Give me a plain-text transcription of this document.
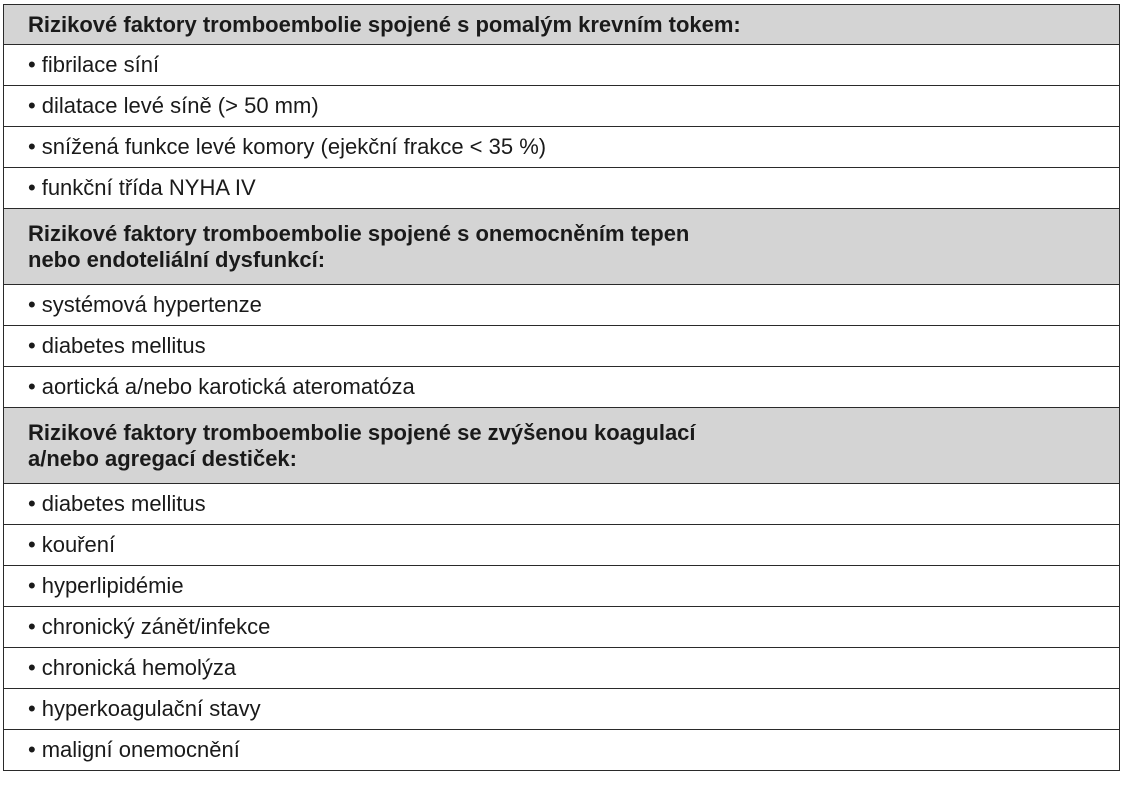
Rizikové faktory tromboembolie spojené s pomalým krevním tokem:
• fibrilace síní
• dilatace levé síně (> 50 mm)
• snížená funkce levé komory (ejekční frakce < 35 %)
• funkční třída NYHA IV
Rizikové faktory tromboembolie spojené s onemocněním tepen
nebo endoteliální dysfunkcí:
• systémová hypertenze
• diabetes mellitus
• aortická a/nebo karotická ateromatóza
Rizikové faktory tromboembolie spojené se zvýšenou koagulací
a/nebo agregací destiček:
• diabetes mellitus
• kouření
• hyperlipidémie
• chronický zánět/infekce
• chronická hemolýza
• hyperkoagulační stavy
• maligní onemocnění
